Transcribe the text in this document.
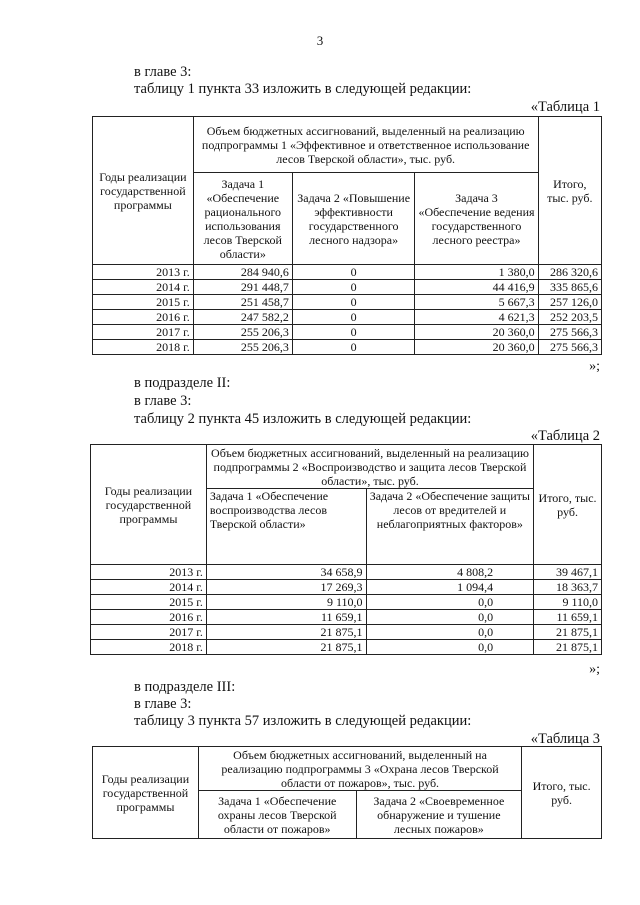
3
в главе 3:
таблицу 1 пункта 33 изложить в следующей редакции:
«Таблица 1
Годы реализации государственной программы	Объем бюджетных ассигнований, выделенный на реализацию подпрограммы 1 «Эффективное и ответственное использование лесов Тверской области», тыс. руб.			Итого, тыс. руб.
	Задача 1 «Обеспечение рационального использования лесов Тверской области»	Задача 2 «Повышение эффективности государственного лесного надзора»	Задача 3 «Обеспечение ведения государственного лесного реестра»	
2013 г.	284 940,6	0	1 380,0	286 320,6
2014 г.	291 448,7	0	44 416,9	335 865,6
2015 г.	251 458,7	0	5 667,3	257 126,0
2016 г.	247 582,2	0	4 621,3	252 203,5
2017 г.	255 206,3	0	20 360,0	275 566,3
2018 г.	255 206,3	0	20 360,0	275 566,3
»;
в подразделе II:
в главе 3:
таблицу 2 пункта 45 изложить в следующей редакции:
«Таблица 2
Годы реализации государственной программы	Объем бюджетных ассигнований, выделенный на реализацию подпрограммы 2 «Воспроизводство и защита лесов Тверской области», тыс. руб.		Итого, тыс. руб.
	Задача 1 «Обеспечение воспроизводства лесов Тверской области»	Задача 2 «Обеспечение защиты лесов от вредителей и неблагоприятных факторов»	
2013 г.	34 658,9	4 808,2	39 467,1
2014 г.	17 269,3	1 094,4	18 363,7
2015 г.	9 110,0	0,0	9 110,0
2016 г.	11 659,1	0,0	11 659,1
2017 г.	21 875,1	0,0	21 875,1
2018 г.	21 875,1	0,0	21 875,1
»;
в подразделе III:
в главе 3:
таблицу 3 пункта 57 изложить в следующей редакции:
«Таблица 3
Годы реализации государственной программы	Объем бюджетных ассигнований, выделенный на реализацию подпрограммы 3 «Охрана лесов Тверской области от пожаров», тыс. руб.		Итого, тыс. руб.
	Задача 1 «Обеспечение охраны лесов Тверской области от пожаров»	Задача 2 «Своевременное обнаружение и тушение лесных пожаров»	
